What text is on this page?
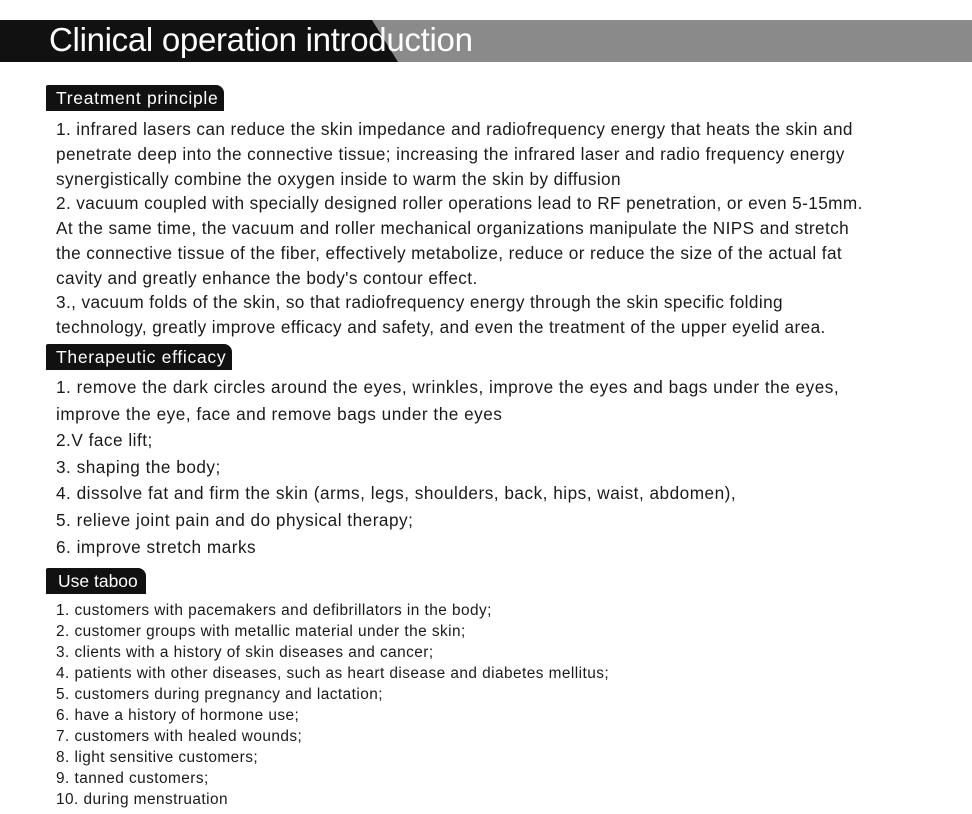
Clinical operation introduction
Treatment principle
1. infrared lasers can reduce the skin impedance and radiofrequency energy that heats the skin and
penetrate deep into the connective tissue; increasing the infrared laser and radio frequency energy
synergistically combine the oxygen inside to warm the skin by diffusion
2. vacuum coupled with specially designed roller operations lead to RF penetration, or even 5-15mm.
At the same time, the vacuum and roller mechanical organizations manipulate the NIPS and stretch
the connective tissue of the fiber, effectively metabolize, reduce or reduce the size of the actual fat
cavity and greatly enhance the body's contour effect.
3., vacuum folds of the skin, so that radiofrequency energy through the skin specific folding
technology, greatly improve efficacy and safety, and even the treatment of the upper eyelid area.
Therapeutic efficacy
1. remove the dark circles around the eyes, wrinkles, improve the eyes and bags under the eyes,
improve the eye, face and remove bags under the eyes
2.V face lift;
3. shaping the body;
4. dissolve fat and firm the skin (arms, legs, shoulders, back, hips, waist, abdomen),
5. relieve joint pain and do physical therapy;
6. improve stretch marks
Use taboo
1. customers with pacemakers and defibrillators in the body;
2. customer groups with metallic material under the skin;
3. clients with a history of skin diseases and cancer;
4. patients with other diseases, such as heart disease and diabetes mellitus;
5. customers during pregnancy and lactation;
6. have a history of hormone use;
7. customers with healed wounds;
8. light sensitive customers;
9. tanned customers;
10. during menstruation
